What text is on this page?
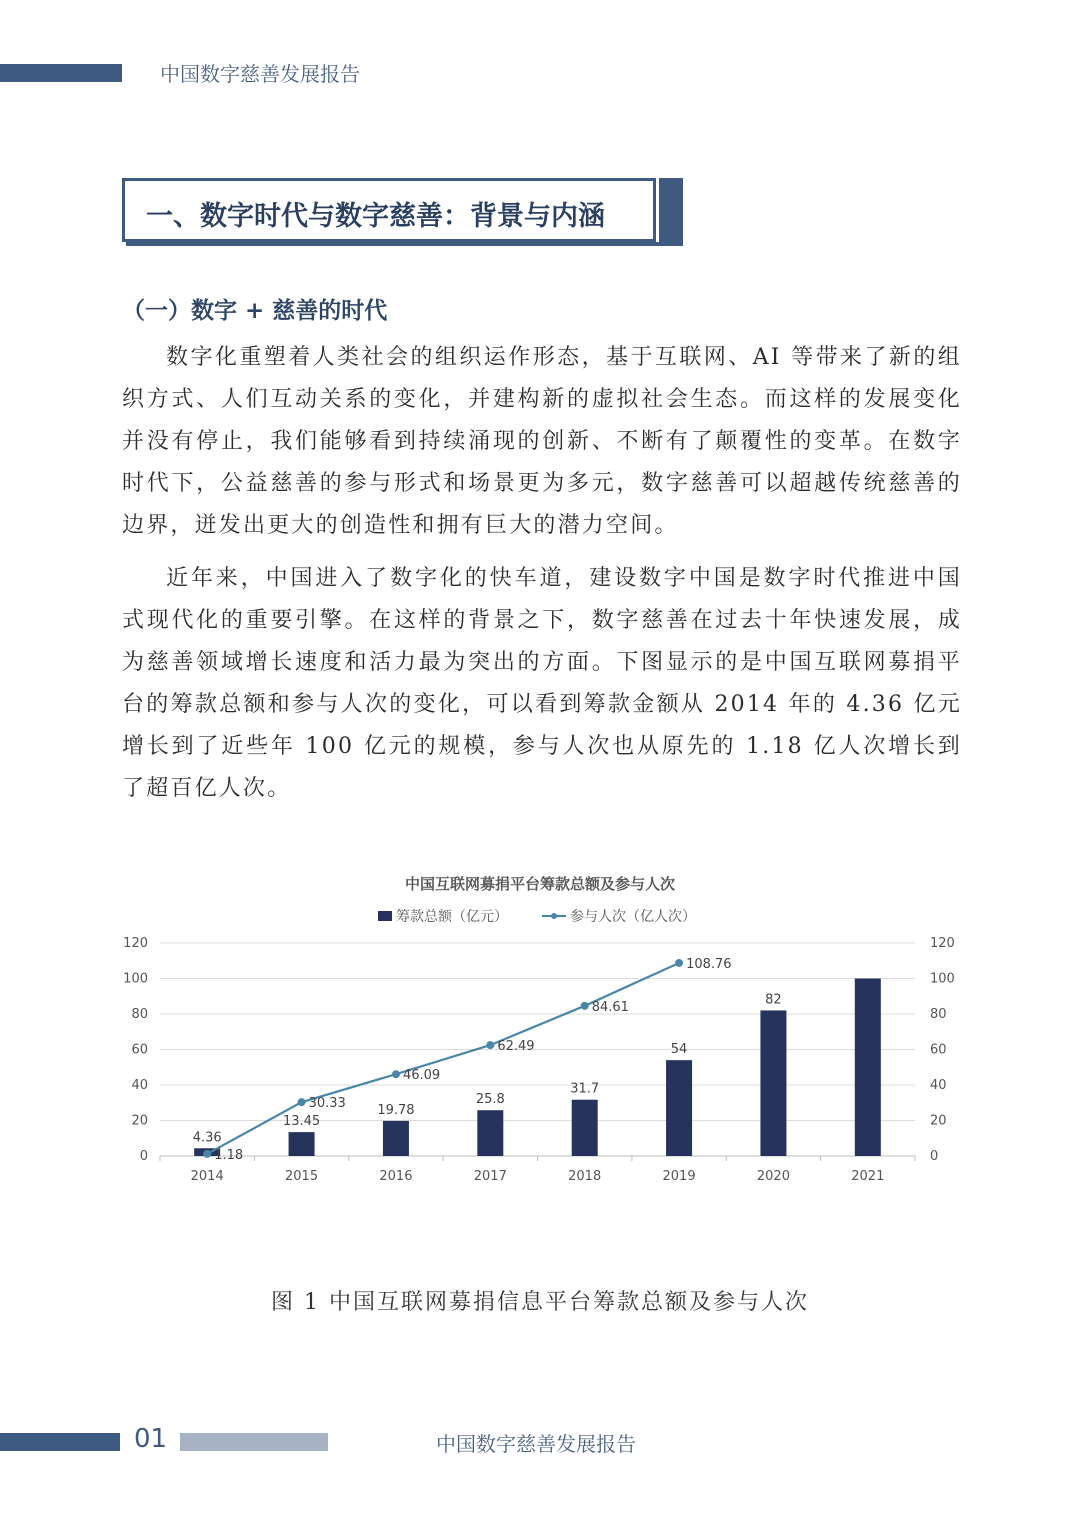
中国数字慈善发展报告
一、数字时代与数字慈善：背景与内涵
（一）数字 + 慈善的时代

数字化重塑着人类社会的组织运作形态，基于互联网、AI 等带来了新的组织方式、人们互动关系的变化，并建构新的虚拟社会生态。而这样的发展变化并没有停止，我们能够看到持续涌现的创新、不断有了颠覆性的变革。在数字时代下，公益慈善的参与形式和场景更为多元，数字慈善可以超越传统慈善的边界，迸发出更大的创造性和拥有巨大的潜力空间。

近年来，中国进入了数字化的快车道，建设数字中国是数字时代推进中国式现代化的重要引擎。在这样的背景之下，数字慈善在过去十年快速发展，成为慈善领域增长速度和活力最为突出的方面。下图显示的是中国互联网募捐平台的筹款总额和参与人次的变化，可以看到筹款金额从 2014 年的 4.36 亿元增长到了近些年 100 亿元的规模，参与人次也从原先的 1.18 亿人次增长到了超百亿人次。

中国互联网募捐平台筹款总额及参与人次
筹款总额（亿元）	参与人次（亿人次）
0
20
40
60
80
100
120
0
20
40
60
80
100
120
4.36
13.45
19.78
25.8
31.7
54
82
1.18
30.33
46.09
62.49
84.61
108.76
2014	2015	2016	2017	2018	2019	2020	2021
图 1 中国互联网募捐信息平台筹款总额及参与人次
01	中国数字慈善发展报告
